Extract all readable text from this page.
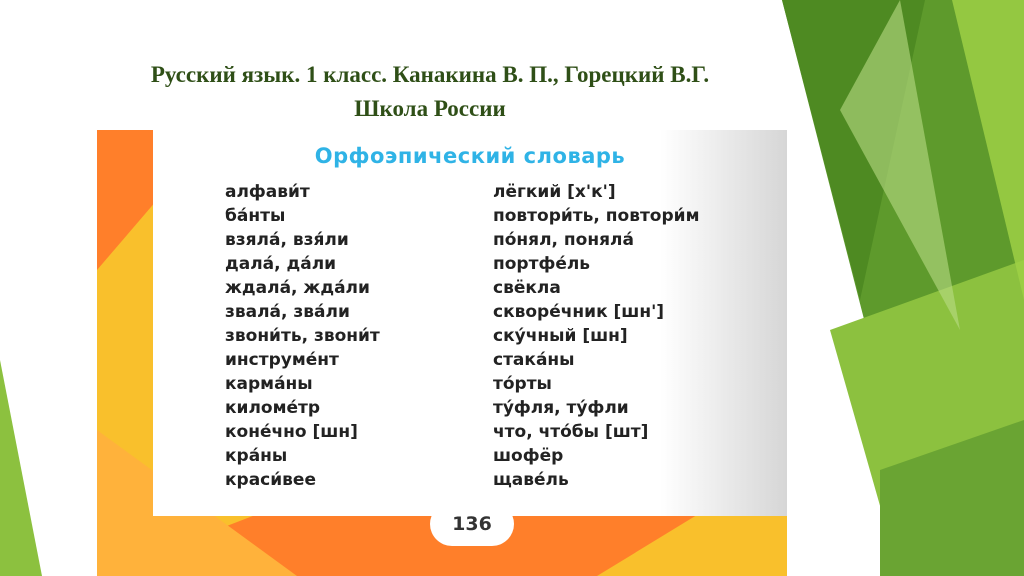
Русский язык. 1 класс. Канакина В. П., Горецкий В.Г.
Школа России
Орфоэпический словарь
алфави́т
ба́нты
взяла́, взя́ли
дала́, да́ли
ждала́, жда́ли
звала́, зва́ли
звони́ть, звони́т
инструме́нт
карма́ны
киломе́тр
коне́чно [шн]
кра́ны
краси́вее
лёгкий [х'к']
повтори́ть, повтори́м
по́нял, поняла́
портфе́ль
свёкла
скворе́чник [шн']
ску́чный [шн]
стака́ны
то́рты
ту́фля, ту́фли
что, что́бы [шт]
шофёр
щаве́ль
136
